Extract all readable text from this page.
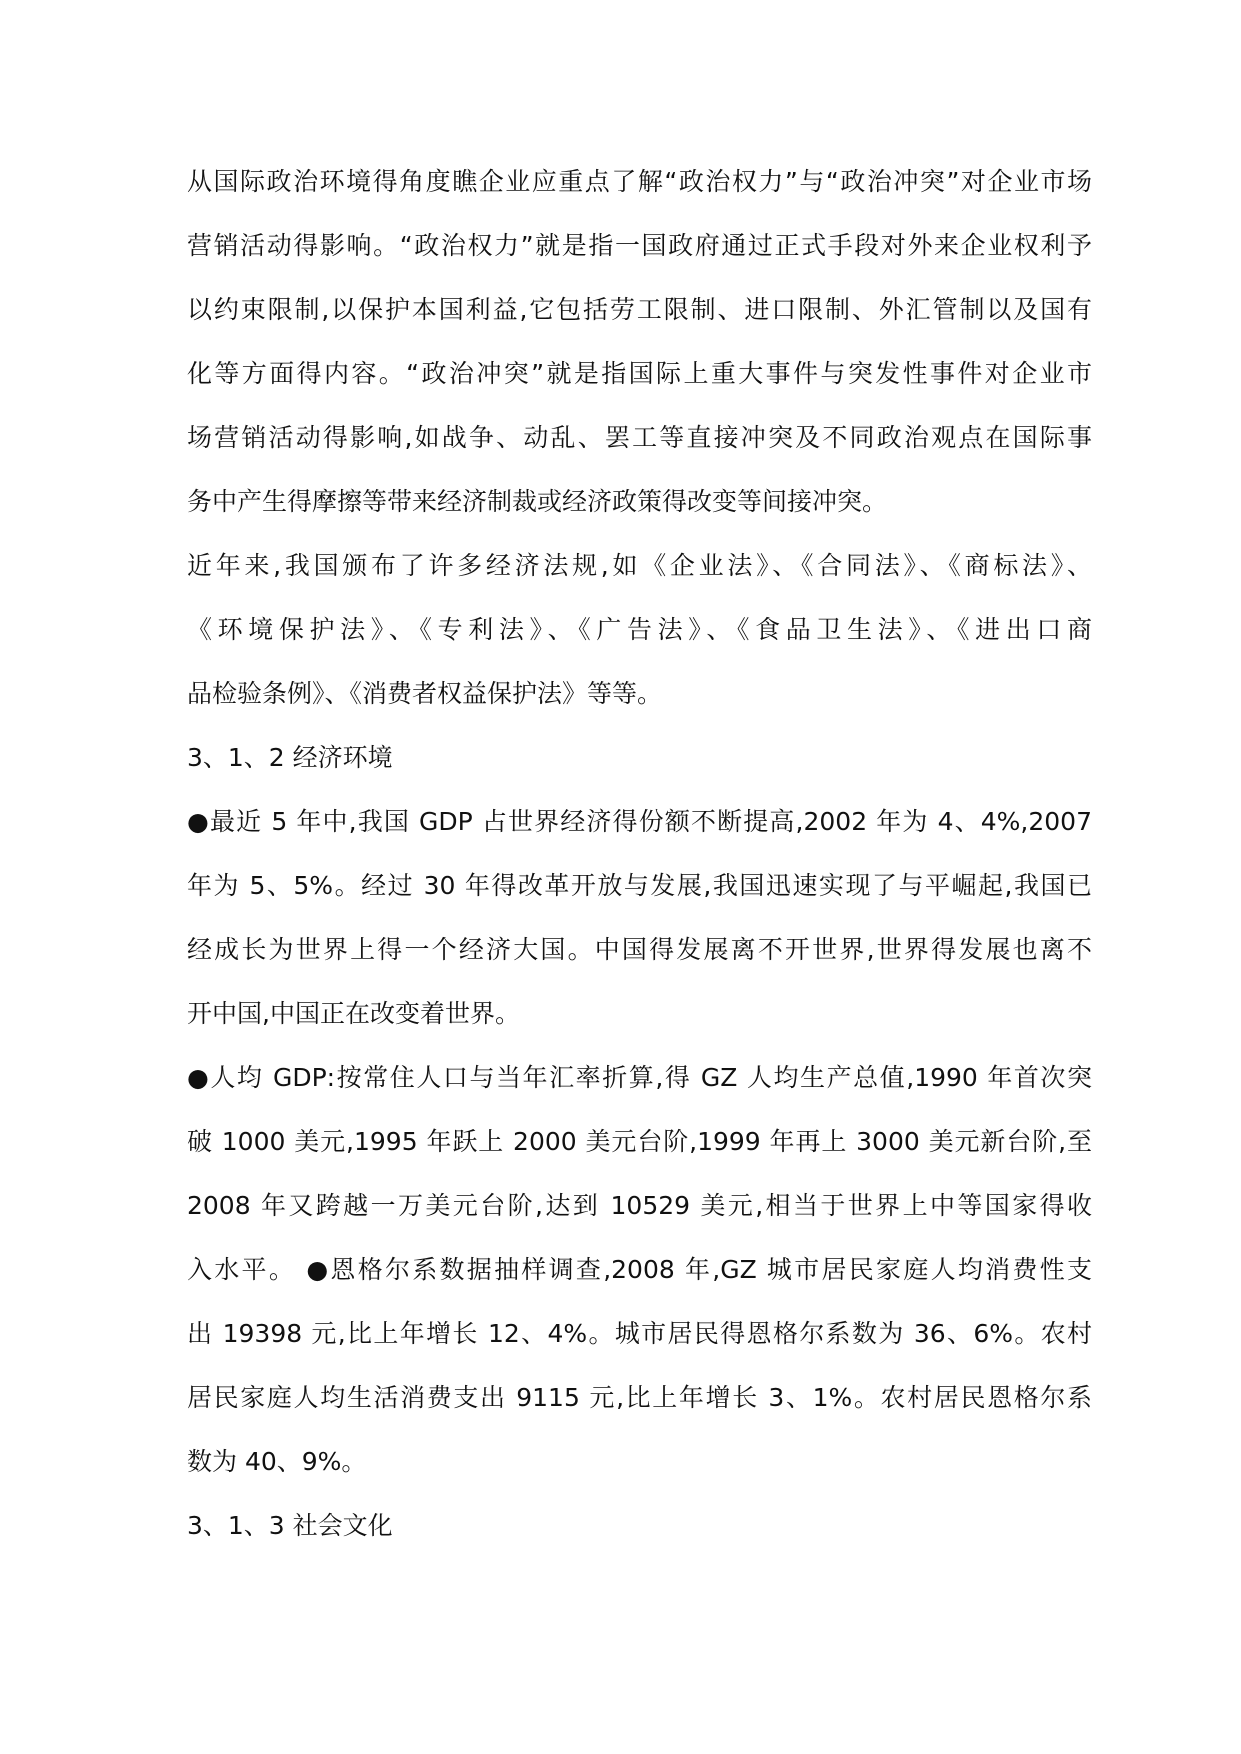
从国际政治环境得角度瞧企业应重点了解“政治权力”与“政治冲突”对企业市场
营销活动得影响。“政治权力”就是指一国政府通过正式手段对外来企业权利予
以约束限制,以保护本国利益,它包括劳工限制、进口限制、外汇管制以及国有
化等方面得内容。“政治冲突”就是指国际上重大事件与突发性事件对企业市
场营销活动得影响,如战争、动乱、罢工等直接冲突及不同政治观点在国际事
务中产生得摩擦等带来经济制裁或经济政策得改变等间接冲突。
近年来,我国颁布了许多经济法规,如《企业法》、《合同法》、《商标法》、
《环境保护法》、《专利法》、《广告法》、《食品卫生法》、《进出口商
品检验条例》、《消费者权益保护法》等等。
3、1、2 经济环境
●最近 5 年中,我国 GDP 占世界经济得份额不断提高,2002 年为 4、4%,2007
年为 5、5%。经过 30 年得改革开放与发展,我国迅速实现了与平崛起,我国已
经成长为世界上得一个经济大国。中国得发展离不开世界,世界得发展也离不
开中国,中国正在改变着世界。
●人均 GDP:按常住人口与当年汇率折算,得 GZ 人均生产总值,1990 年首次突
破 1000 美元,1995 年跃上 2000 美元台阶,1999 年再上 3000 美元新台阶,至
2008 年又跨越一万美元台阶,达到 10529 美元,相当于世界上中等国家得收
入水平。 ●恩格尔系数据抽样调查,2008 年,GZ 城市居民家庭人均消费性支
出 19398 元,比上年增长 12、4%。城市居民得恩格尔系数为 36、6%。农村
居民家庭人均生活消费支出 9115 元,比上年增长 3、1%。农村居民恩格尔系
数为 40、9%。
3、1、3 社会文化
